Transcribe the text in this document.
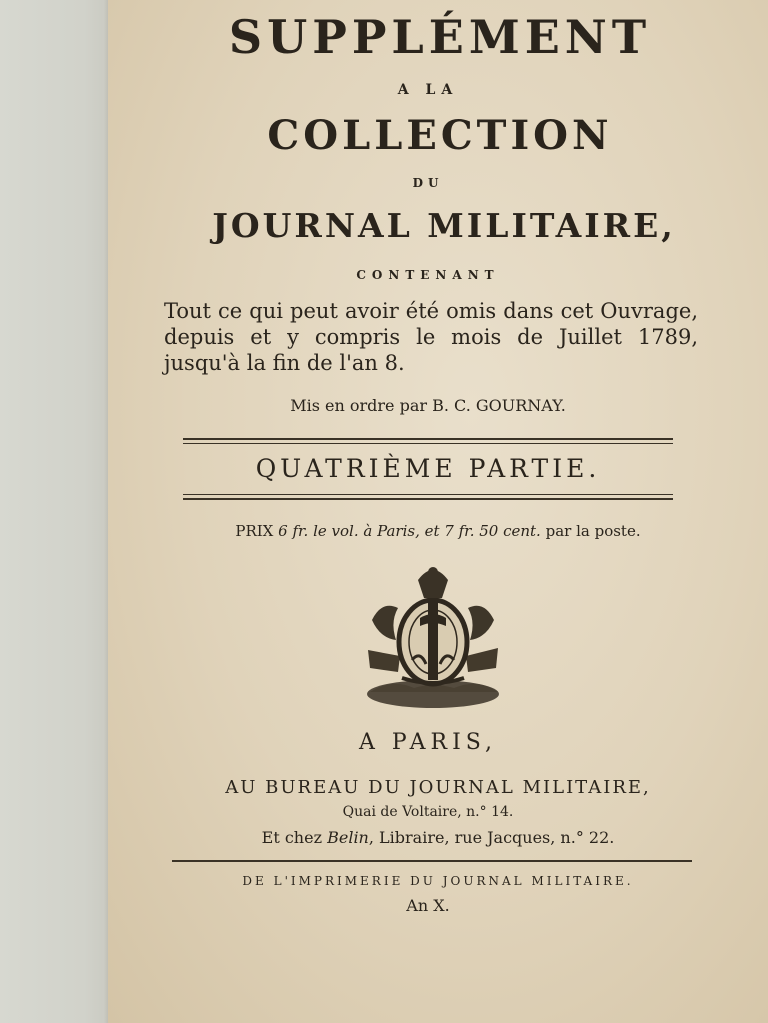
SUPPLÉMENT
A LA
COLLECTION
DU
JOURNAL MILITAIRE,
CONTENANT
Tout ce qui peut avoir été omis dans cet Ouvrage, depuis et y compris le mois de Juillet 1789, jusqu'à la fin de l'an 8.
Mis en ordre par B. C. GOURNAY.
QUATRIÈME PARTIE.
PRIX 6 fr. le vol. à Paris, et 7 fr. 50 cent. par la poste.
A PARIS,
AU BUREAU DU JOURNAL MILITAIRE,
Quai de Voltaire, n.° 14.
Et chez Belin, Libraire, rue Jacques, n.° 22.
DE L'IMPRIMERIE DU JOURNAL MILITAIRE.
An X.
